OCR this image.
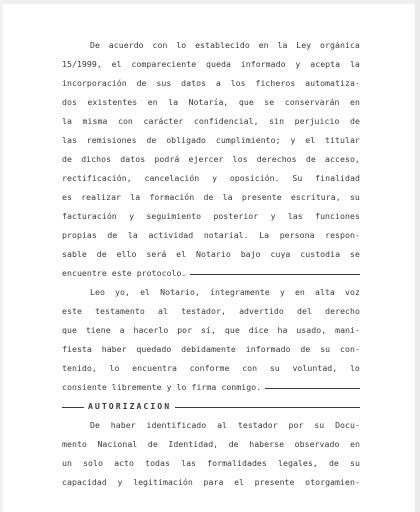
De acuerdo con lo establecido en la Ley orgánica
15/1999, el compareciente queda informado y acepta la
incorporación de sus datos a los ficheros automatiza-
dos existentes en la Notaría, que se conservarán en
la misma con carácter confidencial, sin perjuicio de
las remisiones de obligado cumplimiento; y el titular
de dichos datos podrá ejercer los derechos de acceso,
rectificación, cancelación y oposición. Su finalidad
es realizar la formación de la presente escritura, su
facturación y seguimiento posterior y las funciones
propias de la actividad notarial. La persona respon-
sable de ello será el Notario bajo cuya custodia se
encuentre este protocolo.
Leo yo, el Notario, íntegramente y en alta voz
este testamento al testador, advertido del derecho
que tiene a hacerlo por sí, que dice ha usado, mani-
fiesta haber quedado debidamente informado de su con-
tenido, lo encuentra conforme con su voluntad, lo
consiente libremente y lo firma conmigo.
AUTORIZACION
De haber identificado al testador por su Docu-
mento Nacional de Identidad, de haberse observado en
un solo acto todas las formalidades legales, de su
capacidad y legitimación para el presente otorgamien-
